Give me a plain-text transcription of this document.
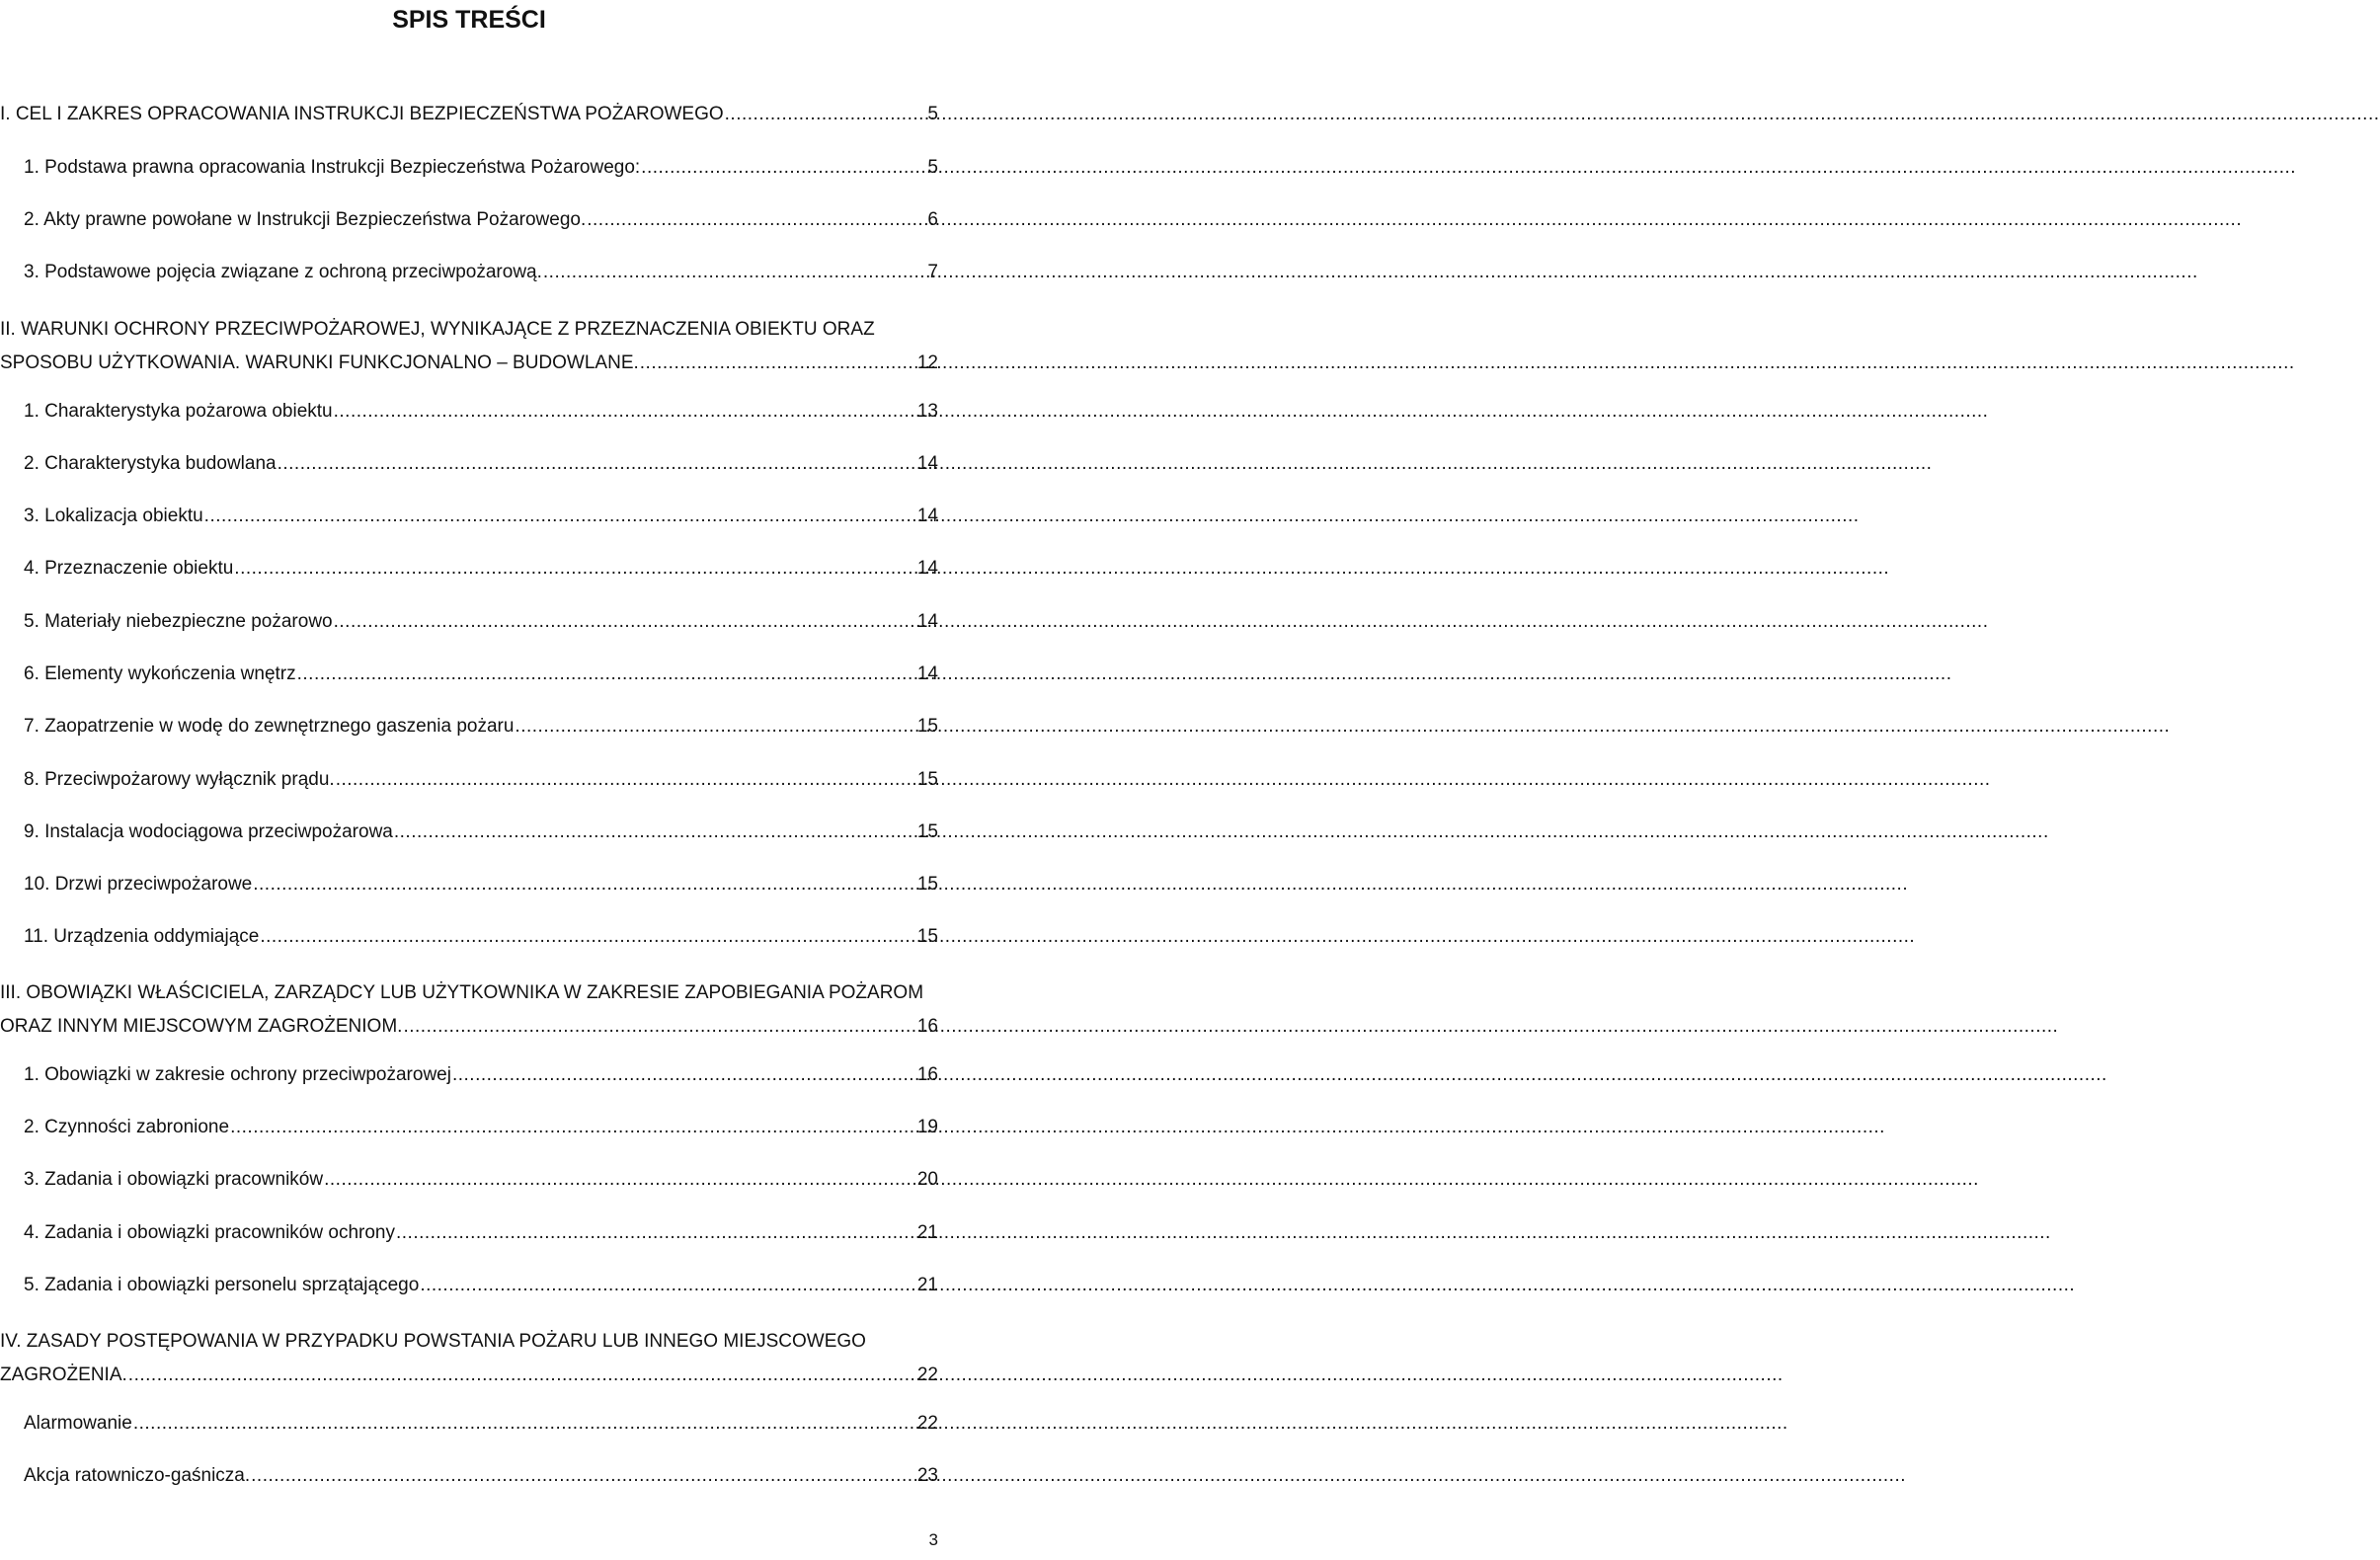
SPIS TREŚCI
I. CEL I ZAKRES OPRACOWANIA INSTRUKCJI BEZPIECZEŃSTWA POŻAROWEGO .....	5
1. Podstawa prawna opracowania Instrukcji Bezpieczeństwa Pożarowego: .....	5
2. Akty prawne powołane w Instrukcji Bezpieczeństwa Pożarowego. .....	6
3. Podstawowe pojęcia związane z ochroną przeciwpożarową. .....	7
II. WARUNKI OCHRONY PRZECIWPOŻAROWEJ, WYNIKAJĄCE Z PRZEZNACZENIA OBIEKTU ORAZ
SPOSOBU UŻYTKOWANIA. WARUNKI FUNKCJONALNO – BUDOWLANE. .....	12
1. Charakterystyka pożarowa obiektu .....	13
2. Charakterystyka budowlana .....	14
3. Lokalizacja obiektu .....	14
4. Przeznaczenie obiektu .....	14
5. Materiały niebezpieczne pożarowo .....	14
6. Elementy wykończenia wnętrz .....	14
7. Zaopatrzenie w wodę do zewnętrznego gaszenia pożaru .....	15
8. Przeciwpożarowy wyłącznik prądu. .....	15
9. Instalacja wodociągowa przeciwpożarowa .....	15
10. Drzwi przeciwpożarowe .....	15
11. Urządzenia oddymiające .....	15
III. OBOWIĄZKI WŁAŚCICIELA, ZARZĄDCY LUB UŻYTKOWNIKA W ZAKRESIE ZAPOBIEGANIA POŻAROM
ORAZ INNYM MIEJSCOWYM ZAGROŻENIOM. .....	16
1. Obowiązki w zakresie ochrony przeciwpożarowej .....	16
2. Czynności zabronione .....	19
3. Zadania i obowiązki pracowników .....	20
4. Zadania i obowiązki pracowników ochrony .....	21
5. Zadania i obowiązki personelu sprzątającego .....	21
IV. ZASADY POSTĘPOWANIA W PRZYPADKU POWSTANIA POŻARU LUB INNEGO MIEJSCOWEGO
ZAGROŻENIA. .....	22
Alarmowanie .....	22
Akcja ratowniczo-gaśnicza. .....	23
3
